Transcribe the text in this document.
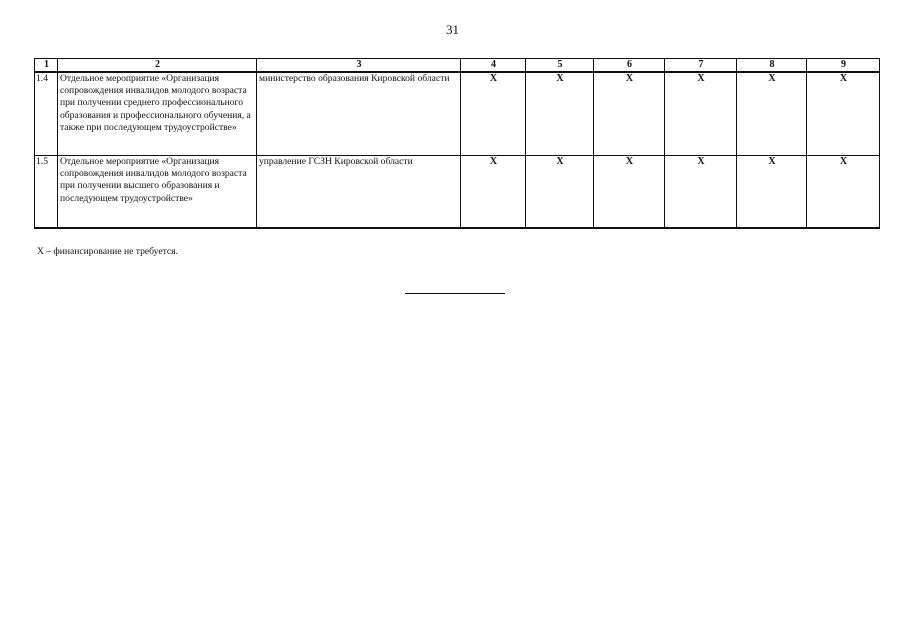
31
1	2	3	4	5	6	7	8	9
1.4	Отдельное мероприятие «Организация сопровождения инвалидов молодого возраста при получении среднего профессионального образования и профессионального обучения, а также при последующем трудоустройстве»	министерство образования Кировской области	Х	Х	Х	Х	Х	Х
1.5	Отдельное мероприятие «Организация сопровождения инвалидов молодого возраста при получении высшего образования и последующем трудоустройстве»	управление ГСЗН Кировской области	Х	Х	Х	Х	Х	Х
Х – финансирование не требуется.
